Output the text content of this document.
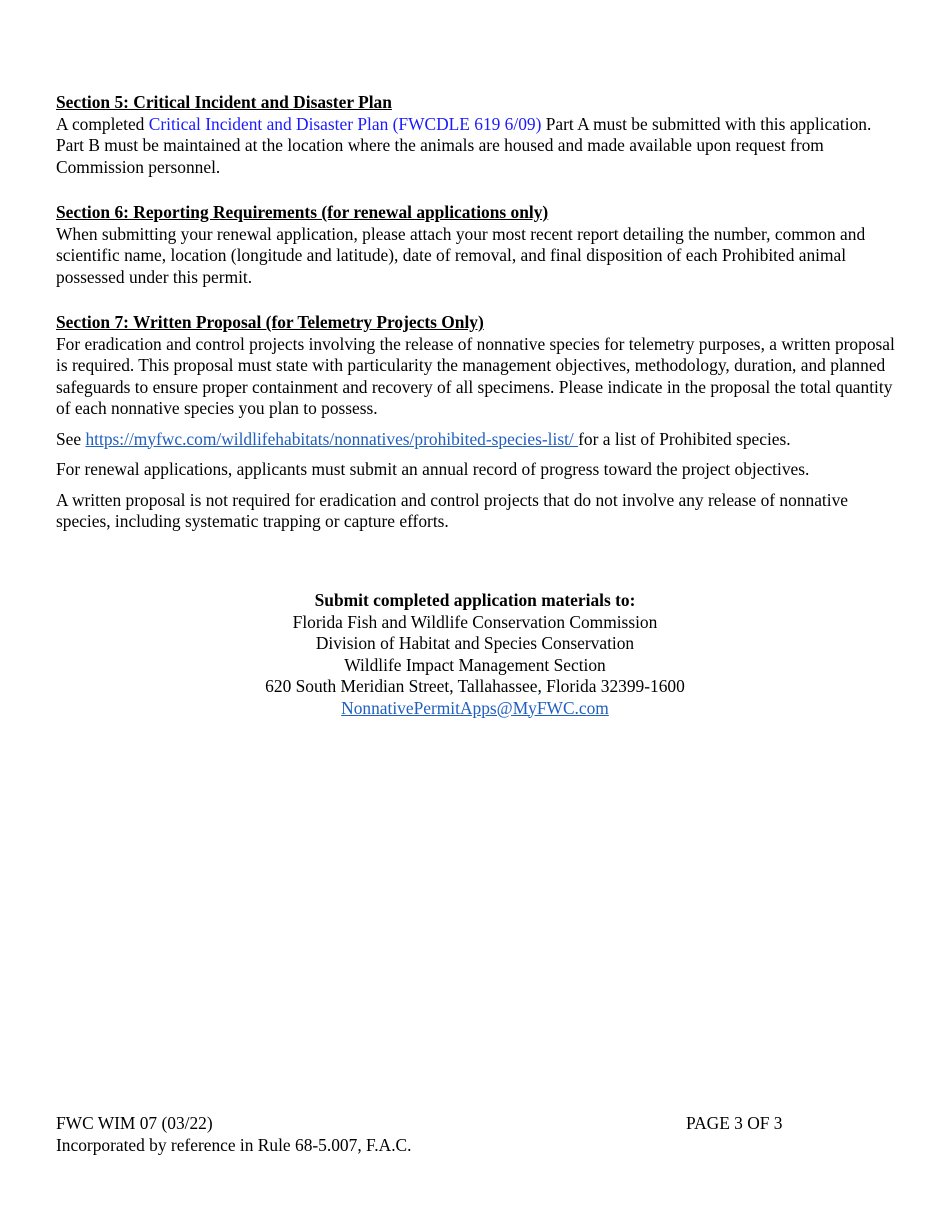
Section 5: Critical Incident and Disaster Plan

A completed Critical Incident and Disaster Plan (FWCDLE 619 6/09) Part A must be submitted with this application. Part B must be maintained at the location where the animals are housed and made available upon request from Commission personnel.

Section 6: Reporting Requirements (for renewal applications only)

When submitting your renewal application, please attach your most recent report detailing the number, common and scientific name, location (longitude and latitude), date of removal, and final disposition of each Prohibited animal possessed under this permit.

Section 7: Written Proposal (for Telemetry Projects Only)

For eradication and control projects involving the release of nonnative species for telemetry purposes, a written proposal is required. This proposal must state with particularity the management objectives, methodology, duration, and planned safeguards to ensure proper containment and recovery of all specimens. Please indicate in the proposal the total quantity of each nonnative species you plan to possess.

See https://myfwc.com/wildlifehabitats/nonnatives/prohibited-species-list/ for a list of Prohibited species.

For renewal applications, applicants must submit an annual record of progress toward the project objectives.

A written proposal is not required for eradication and control projects that do not involve any release of nonnative species, including systematic trapping or capture efforts.

Submit completed application materials to:
Florida Fish and Wildlife Conservation Commission
Division of Habitat and Species Conservation
Wildlife Impact Management Section
620 South Meridian Street, Tallahassee, Florida 32399-1600
NonnativePermitApps@MyFWC.com
FWC WIM 07 (03/22)	PAGE 3 OF 3
Incorporated by reference in Rule 68-5.007, F.A.C.
